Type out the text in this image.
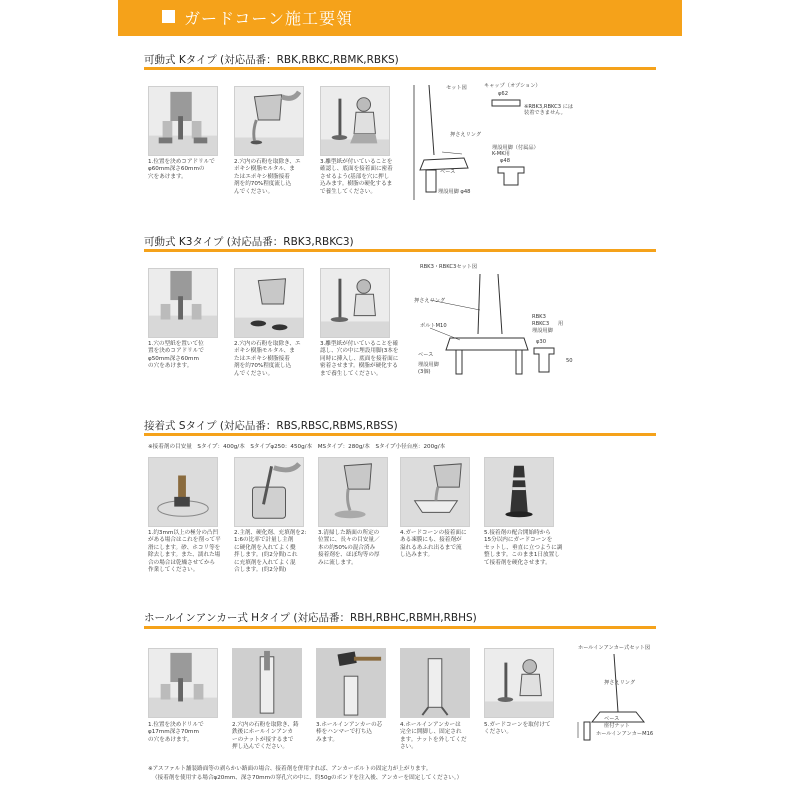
ガードコーン施工要領
可動式 Kタイプ (対応品番：RBK,RBKC,RBMK,RBKS)
1.位置を決めコアドリルで
φ60mm深さ60mmの
穴をあけます。
2.穴内の石粉を取除き、エ
ポキシ樹脂モルタル、ま
たはエポキシ樹脂接着
剤を約70%程度流し込
んでください。
3.離型紙が付いていることを
確認し、底面を接着面に密着
させるよう(基部を穴に押し
込みます。樹脂の硬化するま
で養生してください。
セット図
押さえリング
ベース
埋設用脚 φ48
キャップ（オプション）
φ62
※RBK3,RBKC3 には
装着できません。
埋設用脚（付属品）
K-MK用
φ48
可動式 K3タイプ (対応品番：RBK3,RBKC3)
1.穴の型紙を置いて位
置を決めコアドリルで
φ50mm深さ60mm
の穴をあけます。
2.穴内の石粉を取除き、エ
ポキシ樹脂モルタル、ま
たはエポキシ樹脂接着
剤を約70%程度流し込
んでください。
3.離型紙が付いていることを確
認し、穴の中に埋設用脚(3本を
同時に挿入し、底面を接着面に
密着させます。樹脂が硬化する
まで養生してください。
RBK3・RBKC3セット図
押さえリング
ボルトM10
ベース
埋設用脚
(3個)
RBK3
RBKC3
埋設用脚
用
φ30
50
接着式 Sタイプ (対応品番：RBS,RBSC,RBMS,RBSS)
※接着剤の目安量　Sタイプ：400g/本　Sタイプφ250：450g/本　MSタイプ：280g/本　Sタイプ小径台座：200g/本
1.約3mm以上の極分の凸凹
がある場合はこれを削って平
滑にします。砂、ホコリ等を
除去します。また、濡れた場
合の場合は乾燥させてから
作業してください。
2.主剤、硬化剤、充填剤を2:
1:6の比率で計量し主剤
に硬化剤を入れてよく攪
拌します。(約2分間)これ
に充填剤を入れてよく混
合します。(約2分間)
3.清掃した路面の所定の
位置に、長々の目安量／
本の約50%の混合済み
接着剤を、ほぼ均等の厚
みに流します。
4.ガードコーンの接着面に
ある凍膜にも、接着剤が
溢れるあふれ出るまで流
し込みます。
5.接着剤の配合開始時から
15分以内にガードコーンを
セットし、垂直に立つように調
整します。このまま1日放置し
て接着剤を硬化させます。
ホールインアンカー式 Hタイプ (対応品番：RBH,RBHC,RBMH,RBHS)
1.位置を決めドリルで
φ17mm深さ70mm
の穴をあけます。
2.穴内の石粉を取除き、鋳
鉄後にホールインアンカ
ーのナットが接するまで
押し込んでください。
3.ホールインアンカーの芯
棒をハンマーで打ち込
みます。
4.ホールインアンカーは
完全に開脚し、固定され
ます。ナットを外してくだ
さい。
5.ガードコーンを取付けて
ください。
ホールインアンカー式セット図
押さえリング
ベース
座付ナット
ホールインアンカーM16
※アスファルト舗装路面等の剥らかい路面の場合、接着剤を併用すれば、アンカーボルトの固定力が上がります。
（接着剤を使用する場合φ20mm、深さ70mmの穿孔穴の中に、約50gのボンドを注入後、アンカーを固定してください。）
